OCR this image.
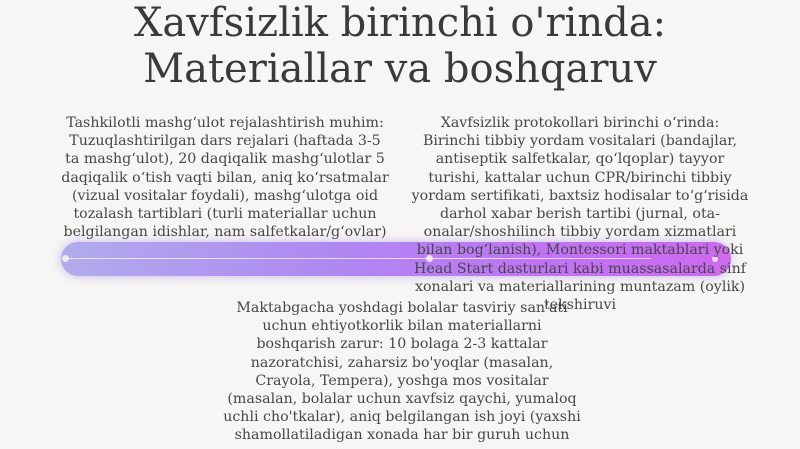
Xavfsizlik birinchi o'rinda:
Materiallar va boshqaruv

Tashkilotli mashgʻulot rejalashtirish muhim: Tuzuqlashtirilgan dars rejalari (haftada 3-5 ta mashgʻulot), 20 daqiqalik mashgʻulotlar 5 daqiqalik oʻtish vaqti bilan, aniq koʻrsatmalar (vizual vositalar foydali), mashgʻulotga oid tozalash tartiblari (turli materiallar uchun belgilangan idishlar, nam salfetkalar/gʻovlar)

Xavfsizlik protokollari birinchi oʻrinda: Birinchi tibbiy yordam vositalari (bandajlar, antiseptik salfetkalar, qoʻlqoplar) tayyor turishi, kattalar uchun CPR/birinchi tibbiy yordam sertifikati, baxtsiz hodisalar toʻgʻrisida darhol xabar berish tartibi (jurnal, ota-onalar/shoshilinch tibbiy yordam xizmatlari bilan bogʻlanish), Montessori maktablari yoki Head Start dasturlari kabi muassasalarda sinf xonalari va materiallarining muntazam (oylik) tekshiruvi

Maktabgacha yoshdagi bolalar tasviriy san'ati uchun ehtiyotkorlik bilan materiallarni boshqarish zarur: 10 bolaga 2-3 kattalar nazoratchisi, zaharsiz bo'yoqlar (masalan, Crayola, Tempera), yoshga mos vositalar (masalan, bolalar uchun xavfsiz qaychi, yumaloq uchli cho'tkalar), aniq belgilangan ish joyi (yaxshi shamollatiladigan xonada har bir guruh uchun
